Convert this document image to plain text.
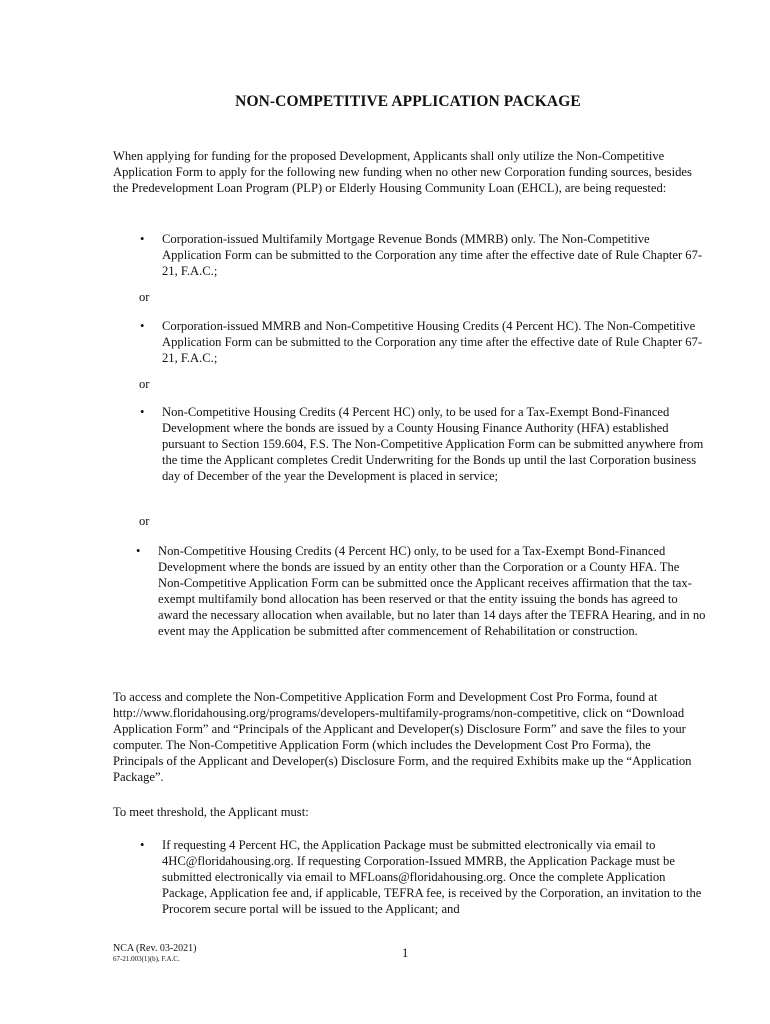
NON-COMPETITIVE APPLICATION PACKAGE

When applying for funding for the proposed Development, Applicants shall only utilize the Non-Competitive Application Form to apply for the following new funding when no other new Corporation funding sources, besides the Predevelopment Loan Program (PLP) or Elderly Housing Community Loan (EHCL), are being requested:

• Corporation-issued Multifamily Mortgage Revenue Bonds (MMRB) only. The Non-Competitive Application Form can be submitted to the Corporation any time after the effective date of Rule Chapter 67-21, F.A.C.;

or
• Corporation-issued MMRB and Non-Competitive Housing Credits (4 Percent HC). The Non-Competitive Application Form can be submitted to the Corporation any time after the effective date of Rule Chapter 67-21, F.A.C.;

or
• Non-Competitive Housing Credits (4 Percent HC) only, to be used for a Tax-Exempt Bond-Financed Development where the bonds are issued by a County Housing Finance Authority (HFA) established pursuant to Section 159.604, F.S. The Non-Competitive Application Form can be submitted anywhere from the time the Applicant completes Credit Underwriting for the Bonds up until the last Corporation business day of December of the year the Development is placed in service;

or
• Non-Competitive Housing Credits (4 Percent HC) only, to be used for a Tax-Exempt Bond-Financed Development where the bonds are issued by an entity other than the Corporation or a County HFA. The Non-Competitive Application Form can be submitted once the Applicant receives affirmation that the tax-exempt multifamily bond allocation has been reserved or that the entity issuing the bonds has agreed to award the necessary allocation when available, but no later than 14 days after the TEFRA Hearing, and in no event may the Application be submitted after commencement of Rehabilitation or construction.

To access and complete the Non-Competitive Application Form and Development Cost Pro Forma, found at http://www.floridahousing.org/programs/developers-multifamily-programs/non-competitive, click on “Download Application Form” and “Principals of the Applicant and Developer(s) Disclosure Form” and save the files to your computer. The Non-Competitive Application Form (which includes the Development Cost Pro Forma), the Principals of the Applicant and Developer(s) Disclosure Form, and the required Exhibits make up the “Application Package”.

To meet threshold, the Applicant must:

• If requesting 4 Percent HC, the Application Package must be submitted electronically via email to 4HC@floridahousing.org. If requesting Corporation-Issued MMRB, the Application Package must be submitted electronically via email to MFLoans@floridahousing.org. Once the complete Application Package, Application fee and, if applicable, TEFRA fee, is received by the Corporation, an invitation to the Procorem secure portal will be issued to the Applicant; and

NCA (Rev. 03-2021)
67-21.003(1)(b), F.A.C.	1
